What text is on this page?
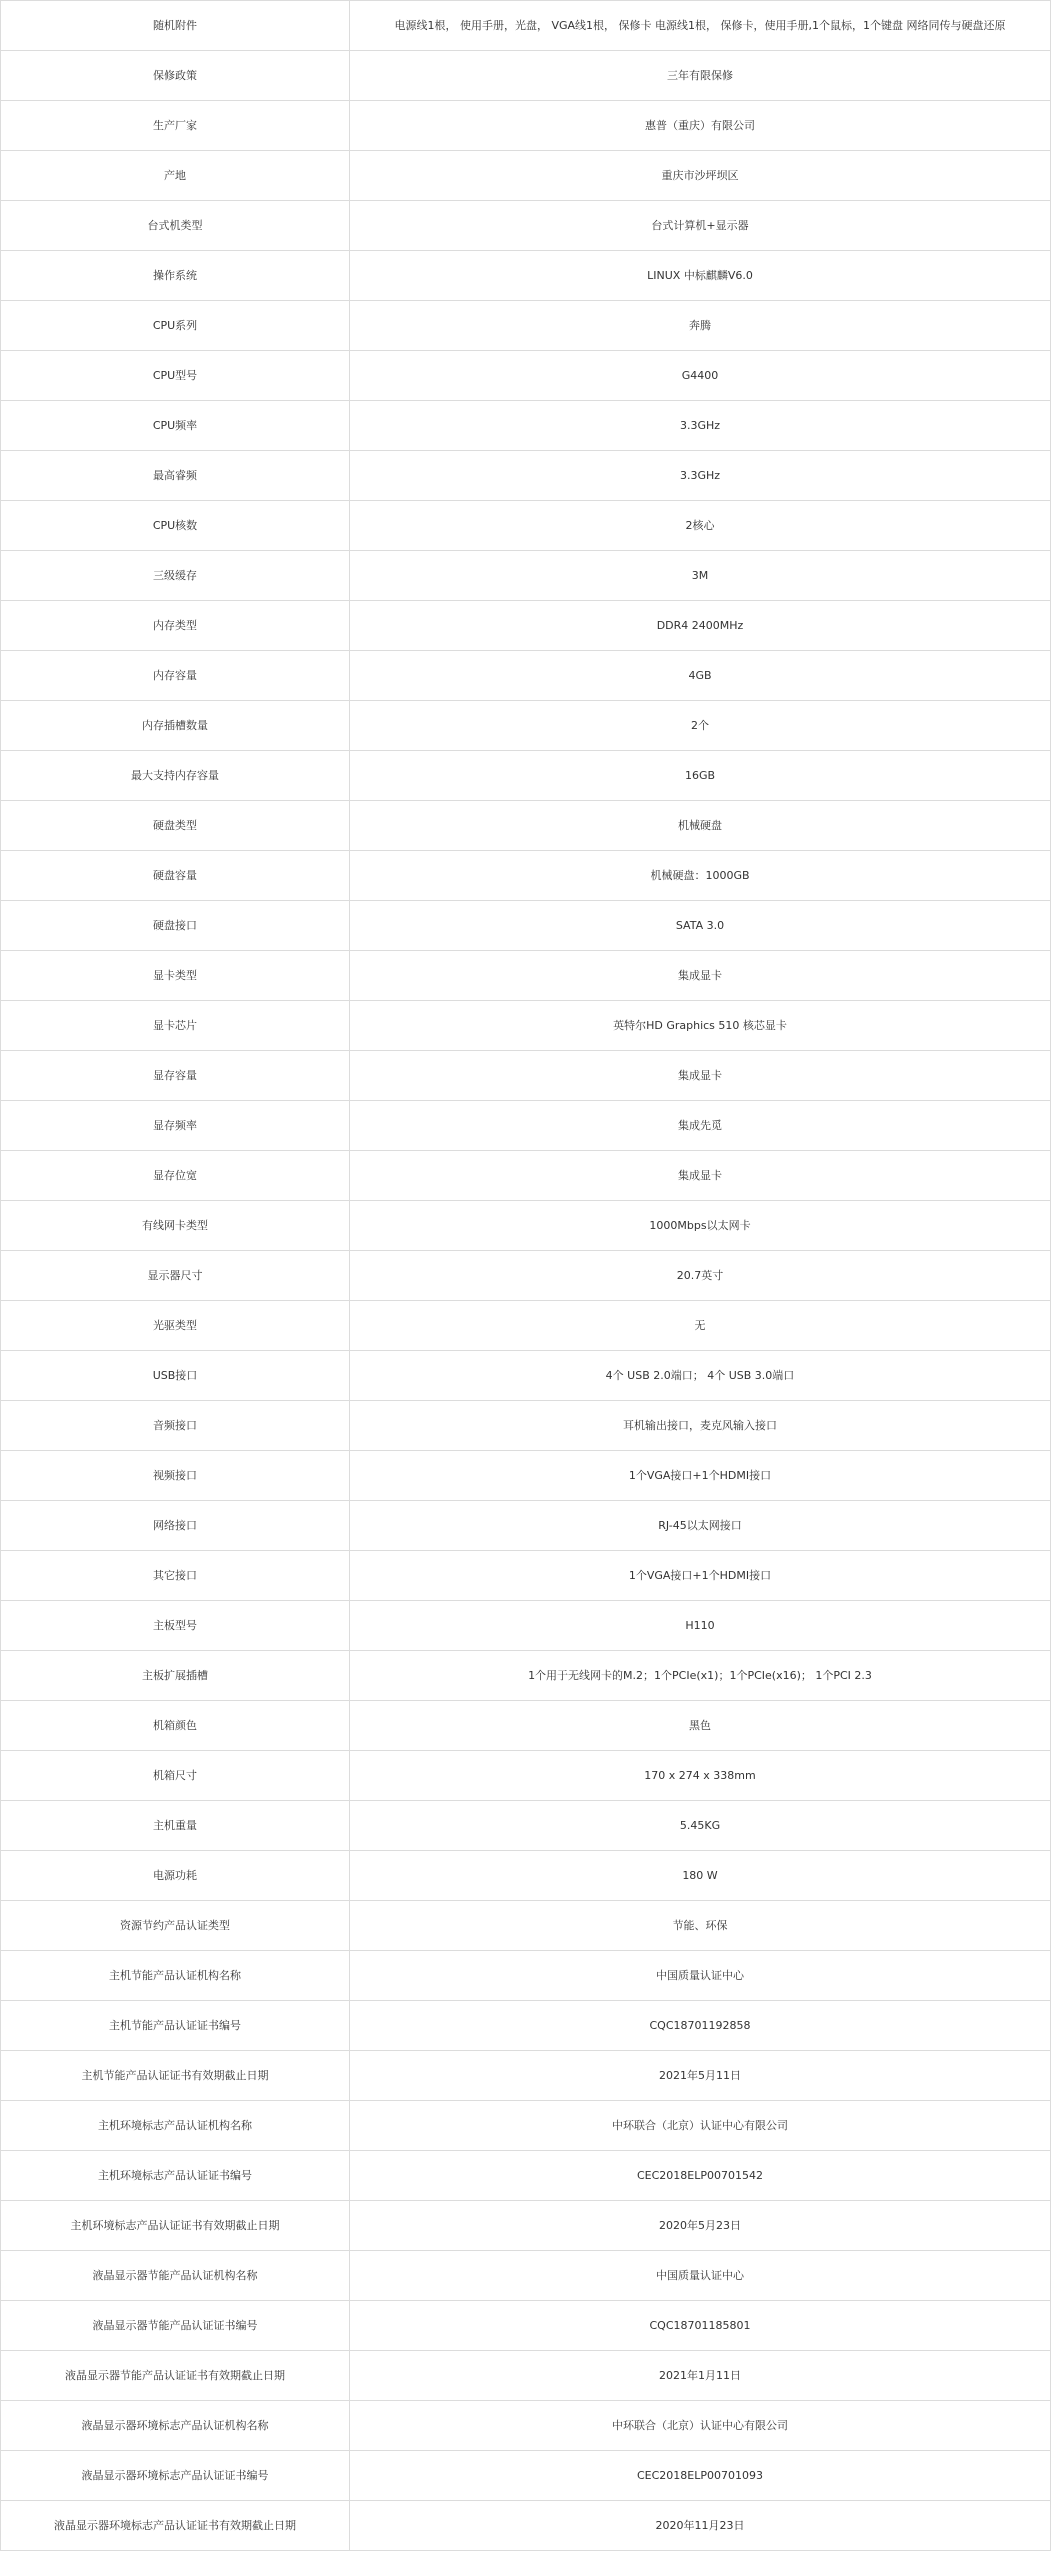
随机附件	电源线1根， 使用手册，光盘， VGA线1根， 保修卡 电源线1根， 保修卡，使用手册,1个鼠标，1个键盘 网络同传与硬盘还原
保修政策	三年有限保修
生产厂家	惠普（重庆）有限公司
产地	重庆市沙坪坝区
台式机类型	台式计算机+显示器
操作系统	LINUX 中标麒麟V6.0
CPU系列	奔腾
CPU型号	G4400
CPU频率	3.3GHz
最高睿频	3.3GHz
CPU核数	2核心
三级缓存	3M
内存类型	DDR4 2400MHz
内存容量	4GB
内存插槽数量	2个
最大支持内存容量	16GB
硬盘类型	机械硬盘
硬盘容量	机械硬盘：1000GB
硬盘接口	SATA 3.0
显卡类型	集成显卡
显卡芯片	英特尔HD Graphics 510 核芯显卡
显存容量	集成显卡
显存频率	集成先觅
显存位宽	集成显卡
有线网卡类型	1000Mbps以太网卡
显示器尺寸	20.7英寸
光驱类型	无
USB接口	4个 USB 2.0端口； 4个 USB 3.0端口
音频接口	耳机输出接口，麦克风输入接口
视频接口	1个VGA接口+1个HDMI接口
网络接口	RJ-45以太网接口
其它接口	1个VGA接口+1个HDMI接口
主板型号	H110
主板扩展插槽	1个用于无线网卡的M.2；1个PCIe(x1)；1个PCIe(x16)； 1个PCI 2.3
机箱颜色	黑色
机箱尺寸	170 x 274 x 338mm
主机重量	5.45KG
电源功耗	180 W
资源节约产品认证类型	节能、环保
主机节能产品认证机构名称	中国质量认证中心
主机节能产品认证证书编号	CQC18701192858
主机节能产品认证证书有效期截止日期	2021年5月11日
主机环境标志产品认证机构名称	中环联合（北京）认证中心有限公司
主机环境标志产品认证证书编号	CEC2018ELP00701542
主机环境标志产品认证证书有效期截止日期	2020年5月23日
液晶显示器节能产品认证机构名称	中国质量认证中心
液晶显示器节能产品认证证书编号	CQC18701185801
液晶显示器节能产品认证证书有效期截止日期	2021年1月11日
液晶显示器环境标志产品认证机构名称	中环联合（北京）认证中心有限公司
液晶显示器环境标志产品认证证书编号	CEC2018ELP00701093
液晶显示器环境标志产品认证证书有效期截止日期	2020年11月23日
